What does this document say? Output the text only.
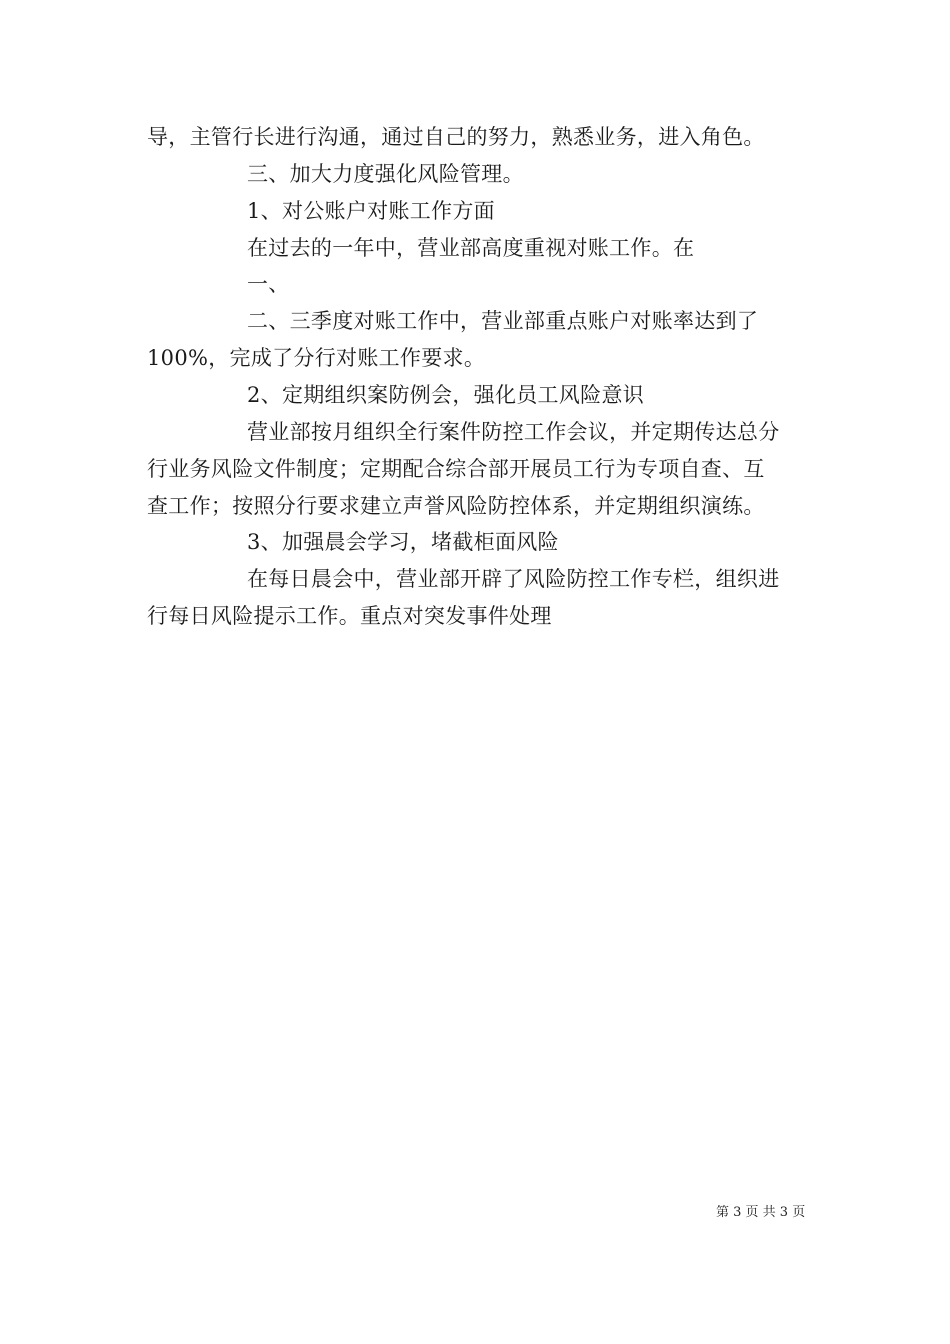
导，主管行长进行沟通，通过自己的努力，熟悉业务，进入角色。
三、加大力度强化风险管理。
1、对公账户对账工作方面
在过去的一年中，营业部高度重视对账工作。在
一、
二、三季度对账工作中，营业部重点账户对账率达到了
100%，完成了分行对账工作要求。
2、定期组织案防例会，强化员工风险意识
营业部按月组织全行案件防控工作会议，并定期传达总分
行业务风险文件制度；定期配合综合部开展员工行为专项自查、互
查工作；按照分行要求建立声誉风险防控体系，并定期组织演练。
3、加强晨会学习，堵截柜面风险
在每日晨会中，营业部开辟了风险防控工作专栏，组织进
行每日风险提示工作。重点对突发事件处理
第 3 页 共 3 页
